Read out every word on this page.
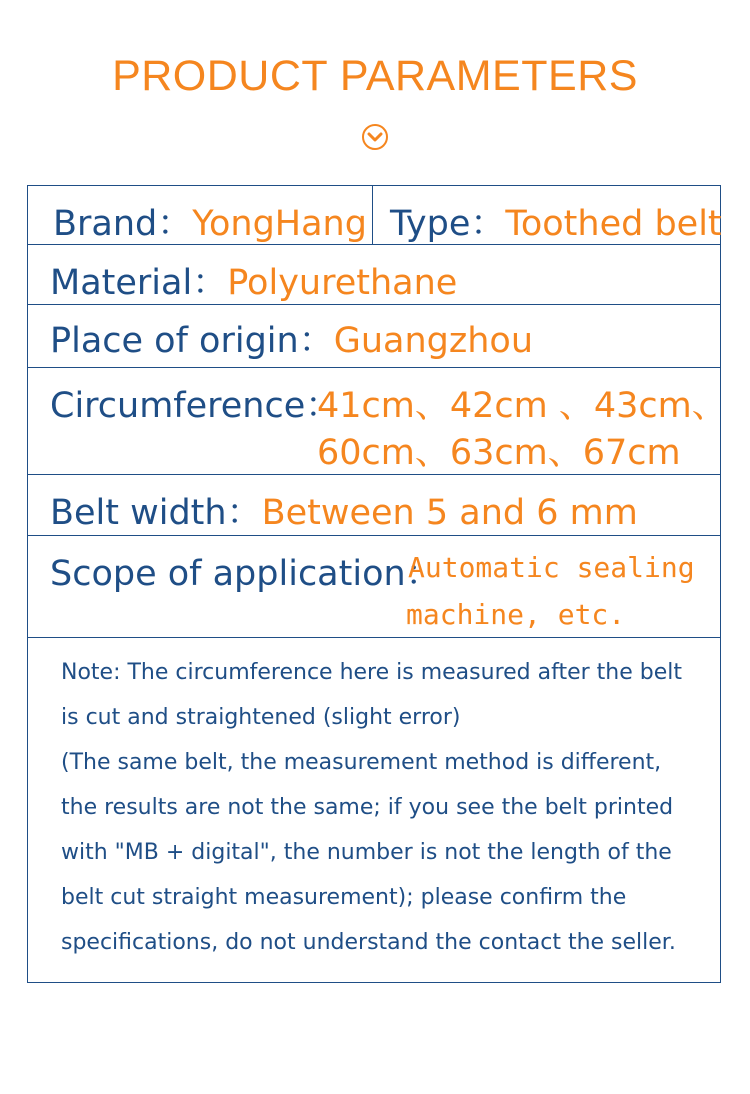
PRODUCT PARAMETERS
Brand：YongHang Type：Toothed belt
Material：Polyurethane
Place of origin：Guangzhou
Circumference：
41cm、42cm 、43cm、
60cm、63cm、67cm
Belt width：Between 5 and 6 mm
Scope of application：
Automatic sealing
machine, etc.

Note: The circumference here is measured after the belt is cut and straightened (slight error)

(The same belt, the measurement method is different, the results are not the same; if you see the belt printed with "MB + digital", the number is not the length of the belt cut straight measurement); please confirm the specifications, do not understand the contact the seller.
